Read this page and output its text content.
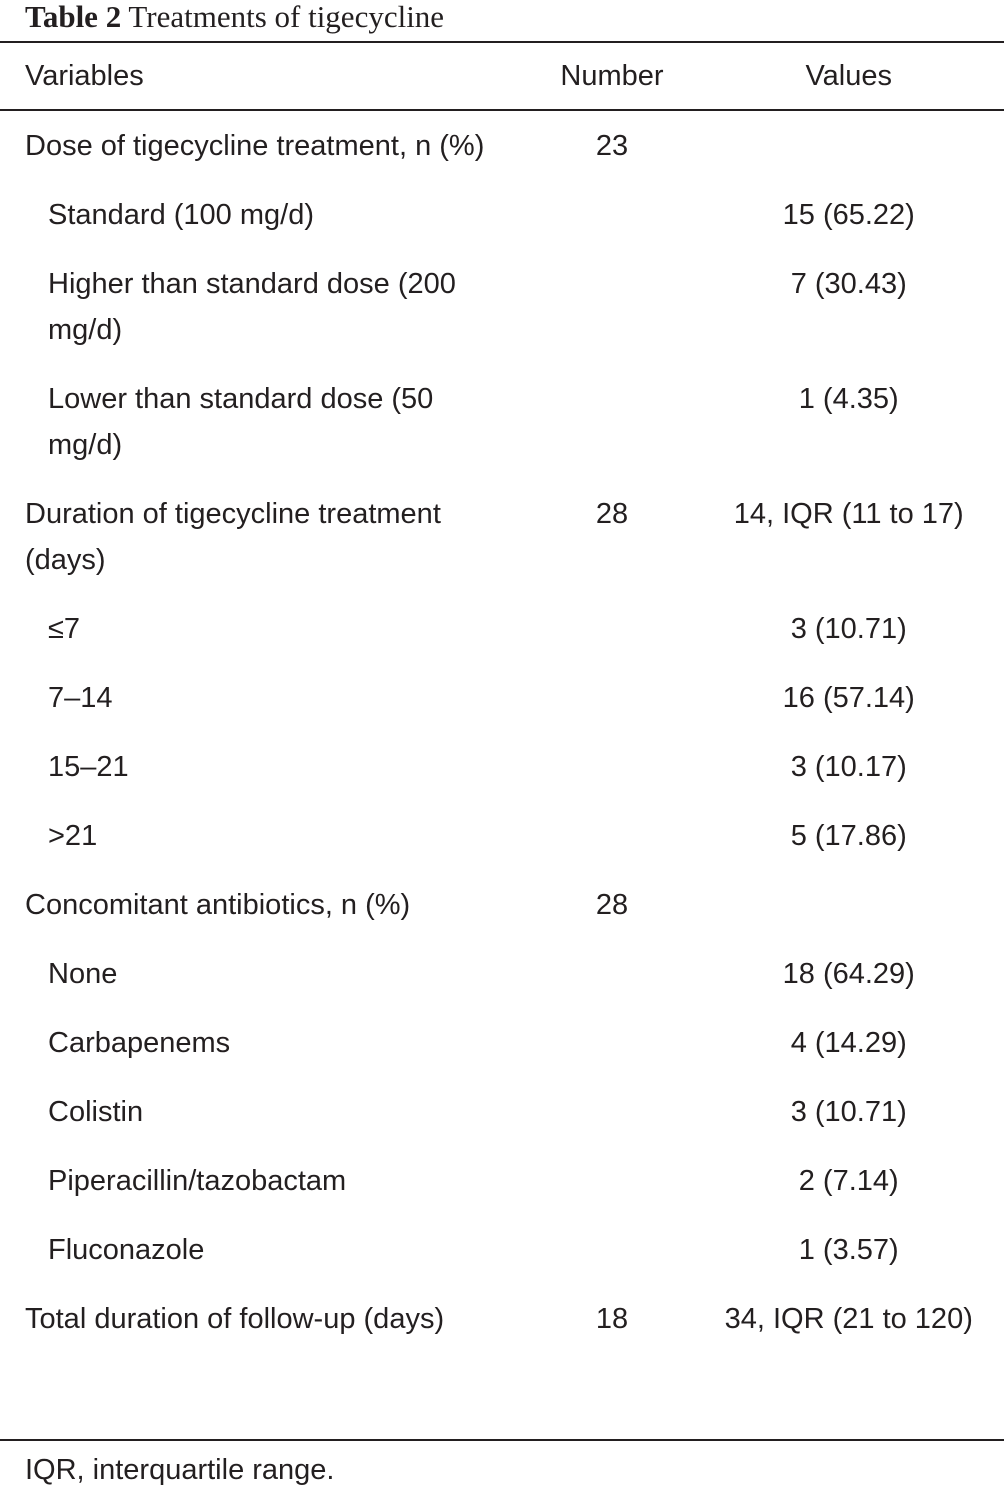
Table 2 Treatments of tigecycline
Variables	Number	Values
Dose of tigecycline treatment, n (%)	23	
Standard (100 mg/d)		15 (65.22)
Higher than standard dose (200 mg/d)		7 (30.43)
Lower than standard dose (50 mg/d)		1 (4.35)
Duration of tigecycline treatment (days)	28	14, IQR (11 to 17)
≤7		3 (10.71)
7–14		16 (57.14)
15–21		3 (10.17)
>21		5 (17.86)
Concomitant antibiotics, n (%)	28	
None		18 (64.29)
Carbapenems		4 (14.29)
Colistin		3 (10.71)
Piperacillin/tazobactam		2 (7.14)
Fluconazole		1 (3.57)
Total duration of follow-up (days)	18	34, IQR (21 to 120)
IQR, interquartile range.
